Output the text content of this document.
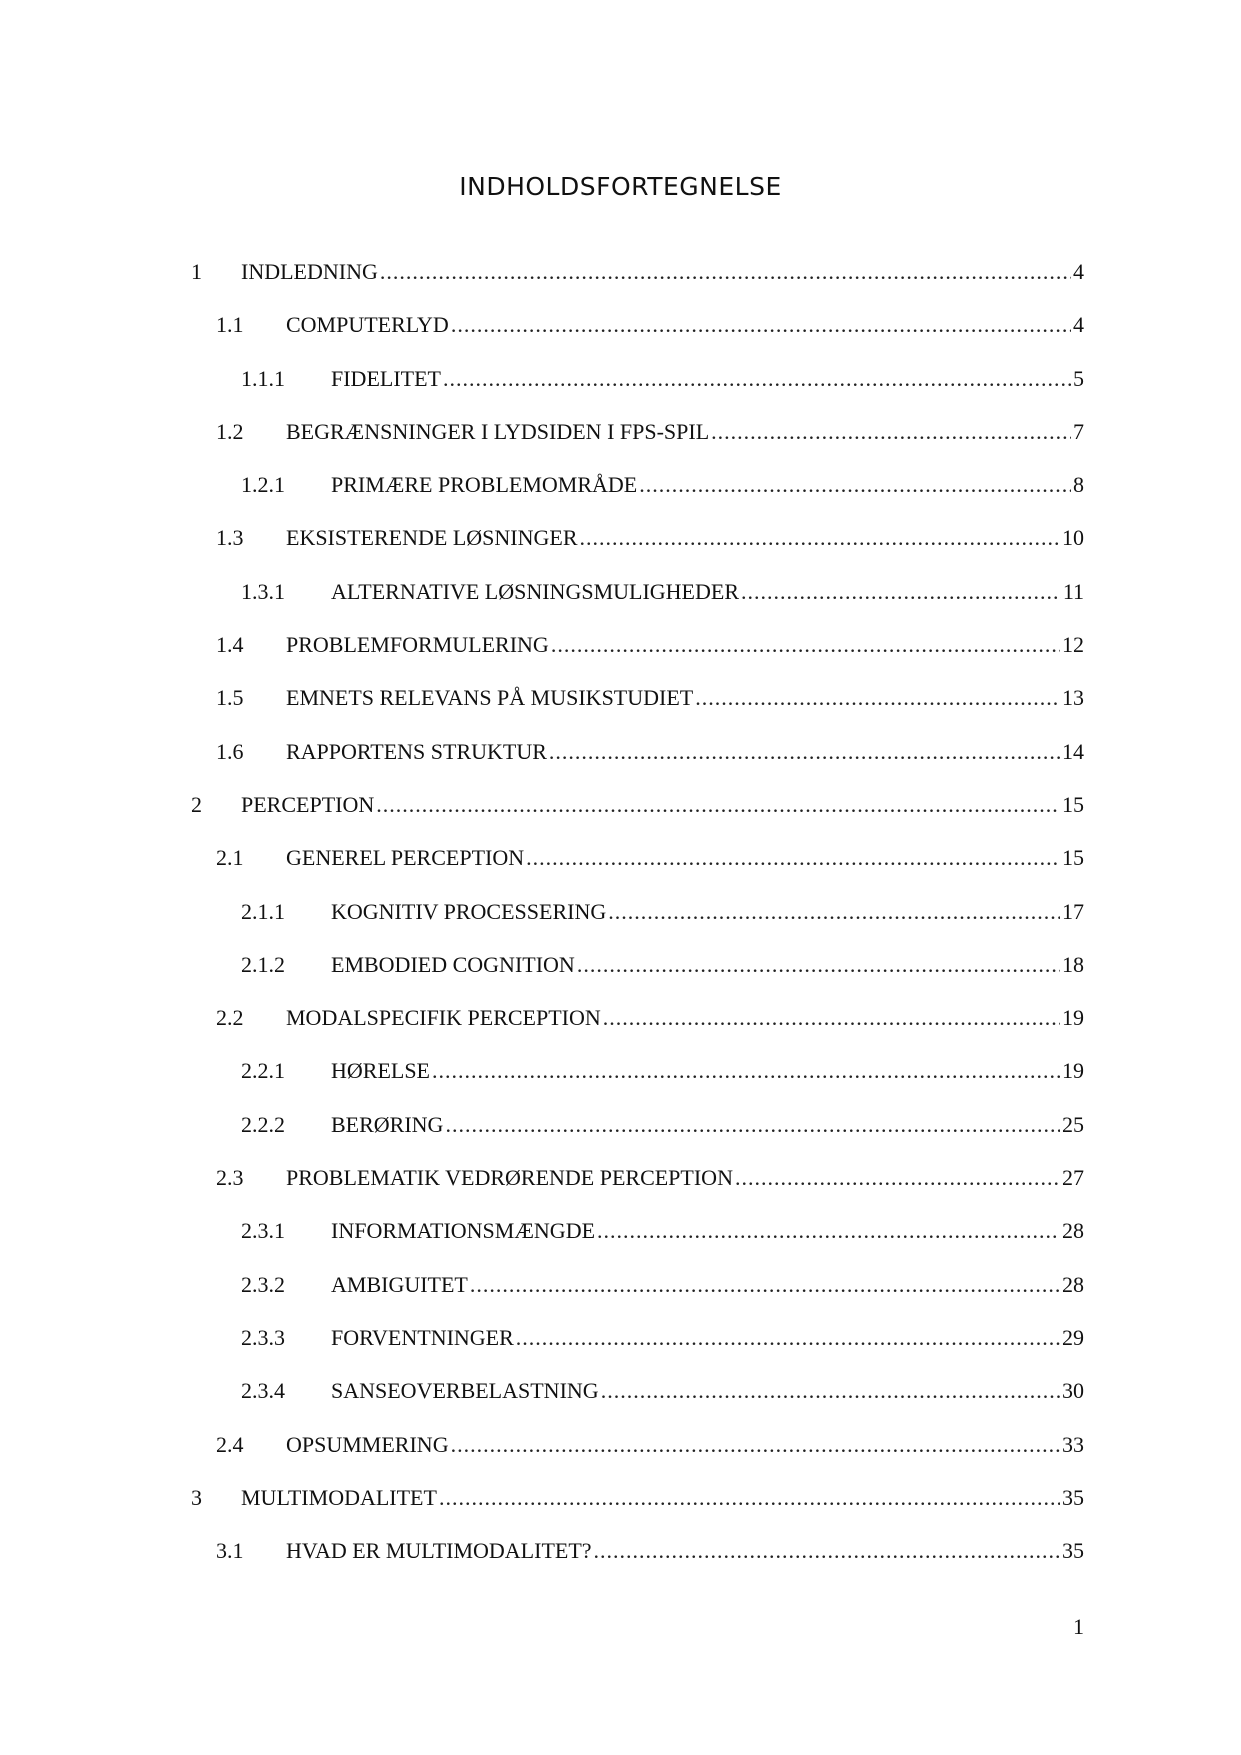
INDHOLDSFORTEGNELSE
1 INDLEDNING .....	4
1.1 COMPUTERLYD .....	4
1.1.1 FIDELITET .....	5
1.2 BEGRÆNSNINGER I LYDSIDEN I FPS-SPIL .....	7
1.2.1 PRIMÆRE PROBLEMOMRÅDE .....	8
1.3 EKSISTERENDE LØSNINGER .....	10
1.3.1 ALTERNATIVE LØSNINGSMULIGHEDER .....	11
1.4 PROBLEMFORMULERING .....	12
1.5 EMNETS RELEVANS PÅ MUSIKSTUDIET .....	13
1.6 RAPPORTENS STRUKTUR .....	14
2 PERCEPTION .....	15
2.1 GENEREL PERCEPTION .....	15
2.1.1 KOGNITIV PROCESSERING .....	17
2.1.2 EMBODIED COGNITION .....	18
2.2 MODALSPECIFIK PERCEPTION .....	19
2.2.1 HØRELSE .....	19
2.2.2 BERØRING .....	25
2.3 PROBLEMATIK VEDRØRENDE PERCEPTION .....	27
2.3.1 INFORMATIONSMÆNGDE .....	28
2.3.2 AMBIGUITET .....	28
2.3.3 FORVENTNINGER .....	29
2.3.4 SANSEOVERBELASTNING .....	30
2.4 OPSUMMERING .....	33
3 MULTIMODALITET .....	35
3.1 HVAD ER MULTIMODALITET? .....	35
1
